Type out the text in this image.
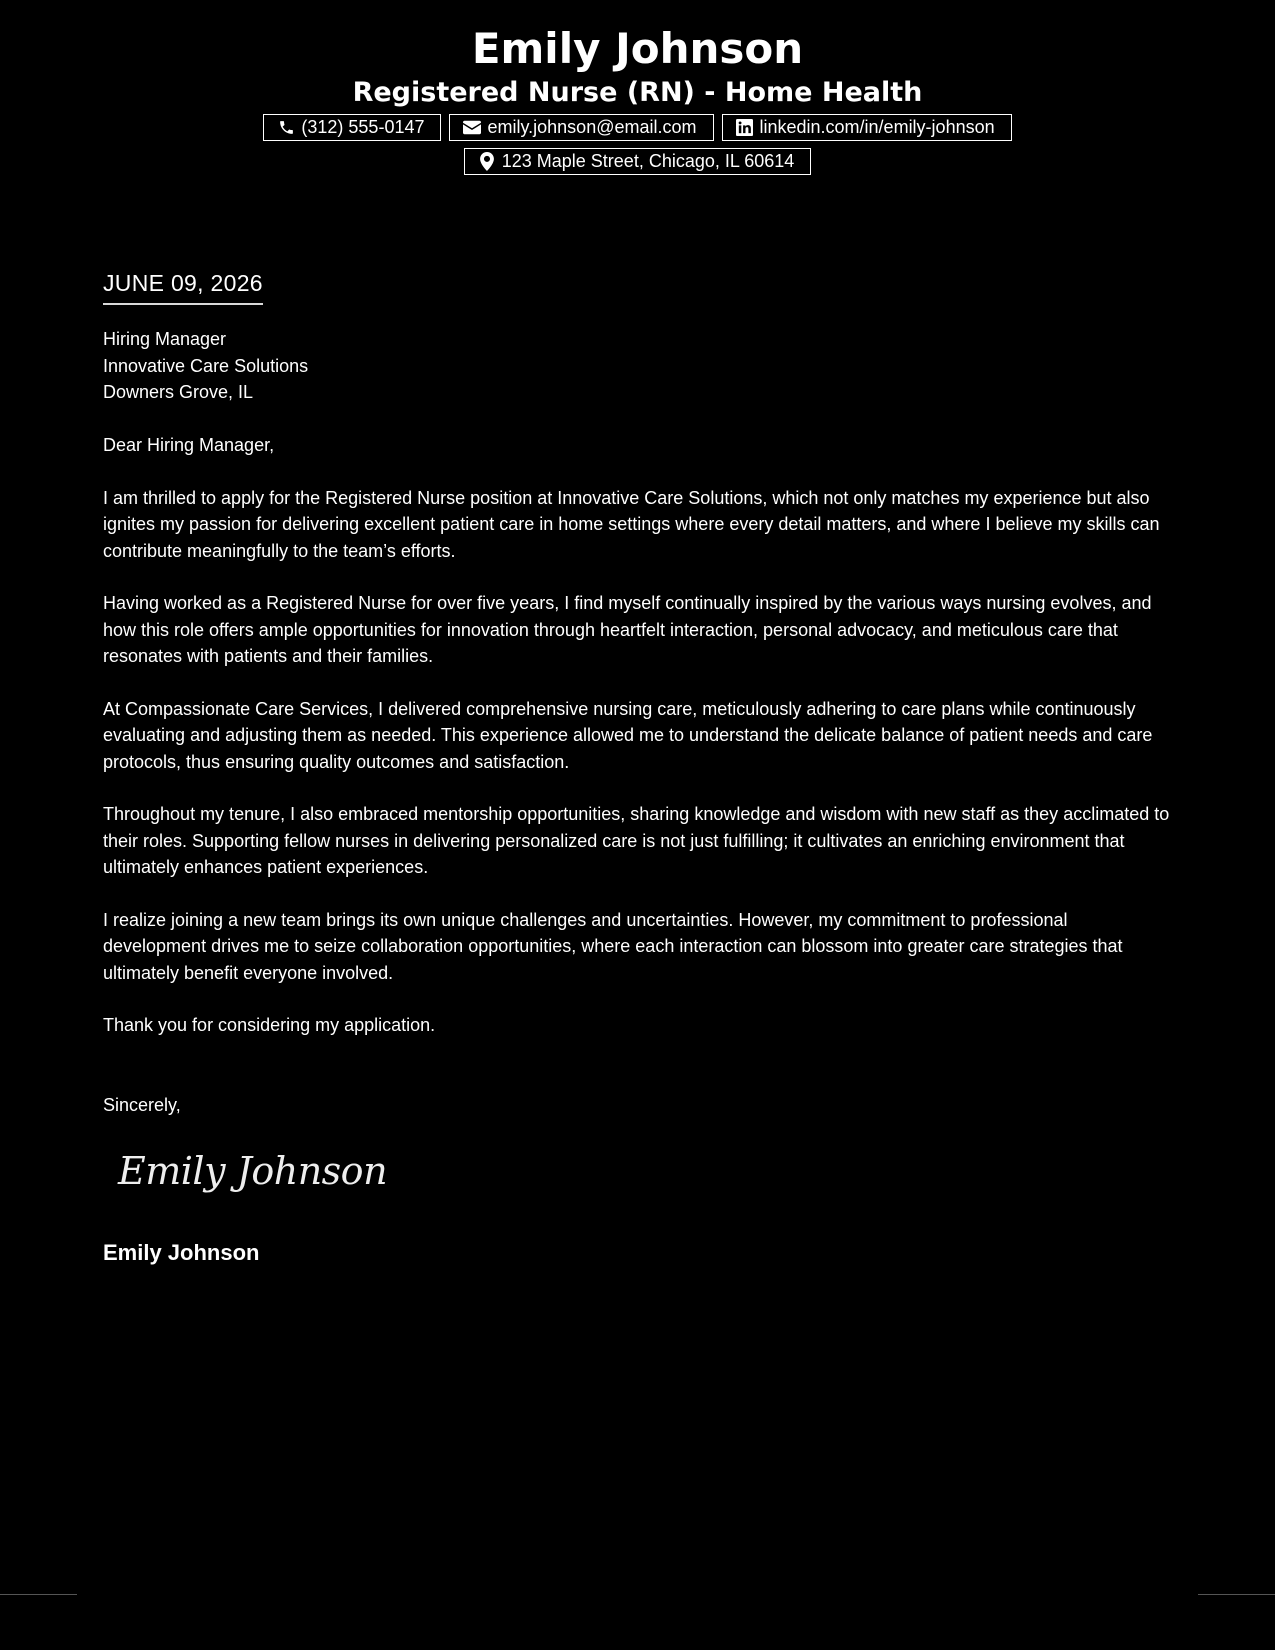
Emily Johnson
Registered Nurse (RN) - Home Health
(312) 555-0147	emily.johnson@email.com	linkedin.com/in/emily-johnson
123 Maple Street, Chicago, IL 60614
JUNE 09, 2026
Hiring Manager
Innovative Care Solutions
Downers Grove, IL

Dear Hiring Manager,

I am thrilled to apply for the Registered Nurse position at Innovative Care Solutions, which not only matches my experience but also ignites my passion for delivering excellent patient care in home settings where every detail matters, and where I believe my skills can contribute meaningfully to the team’s efforts.

Having worked as a Registered Nurse for over five years, I find myself continually inspired by the various ways nursing evolves, and how this role offers ample opportunities for innovation through heartfelt interaction, personal advocacy, and meticulous care that resonates with patients and their families.

At Compassionate Care Services, I delivered comprehensive nursing care, meticulously adhering to care plans while continuously evaluating and adjusting them as needed. This experience allowed me to understand the delicate balance of patient needs and care protocols, thus ensuring quality outcomes and satisfaction.

Throughout my tenure, I also embraced mentorship opportunities, sharing knowledge and wisdom with new staff as they acclimated to their roles. Supporting fellow nurses in delivering personalized care is not just fulfilling; it cultivates an enriching environment that ultimately enhances patient experiences.

I realize joining a new team brings its own unique challenges and uncertainties. However, my commitment to professional development drives me to seize collaboration opportunities, where each interaction can blossom into greater care strategies that ultimately benefit everyone involved.

Thank you for considering my application.

Sincerely,
Emily Johnson
Emily Johnson
